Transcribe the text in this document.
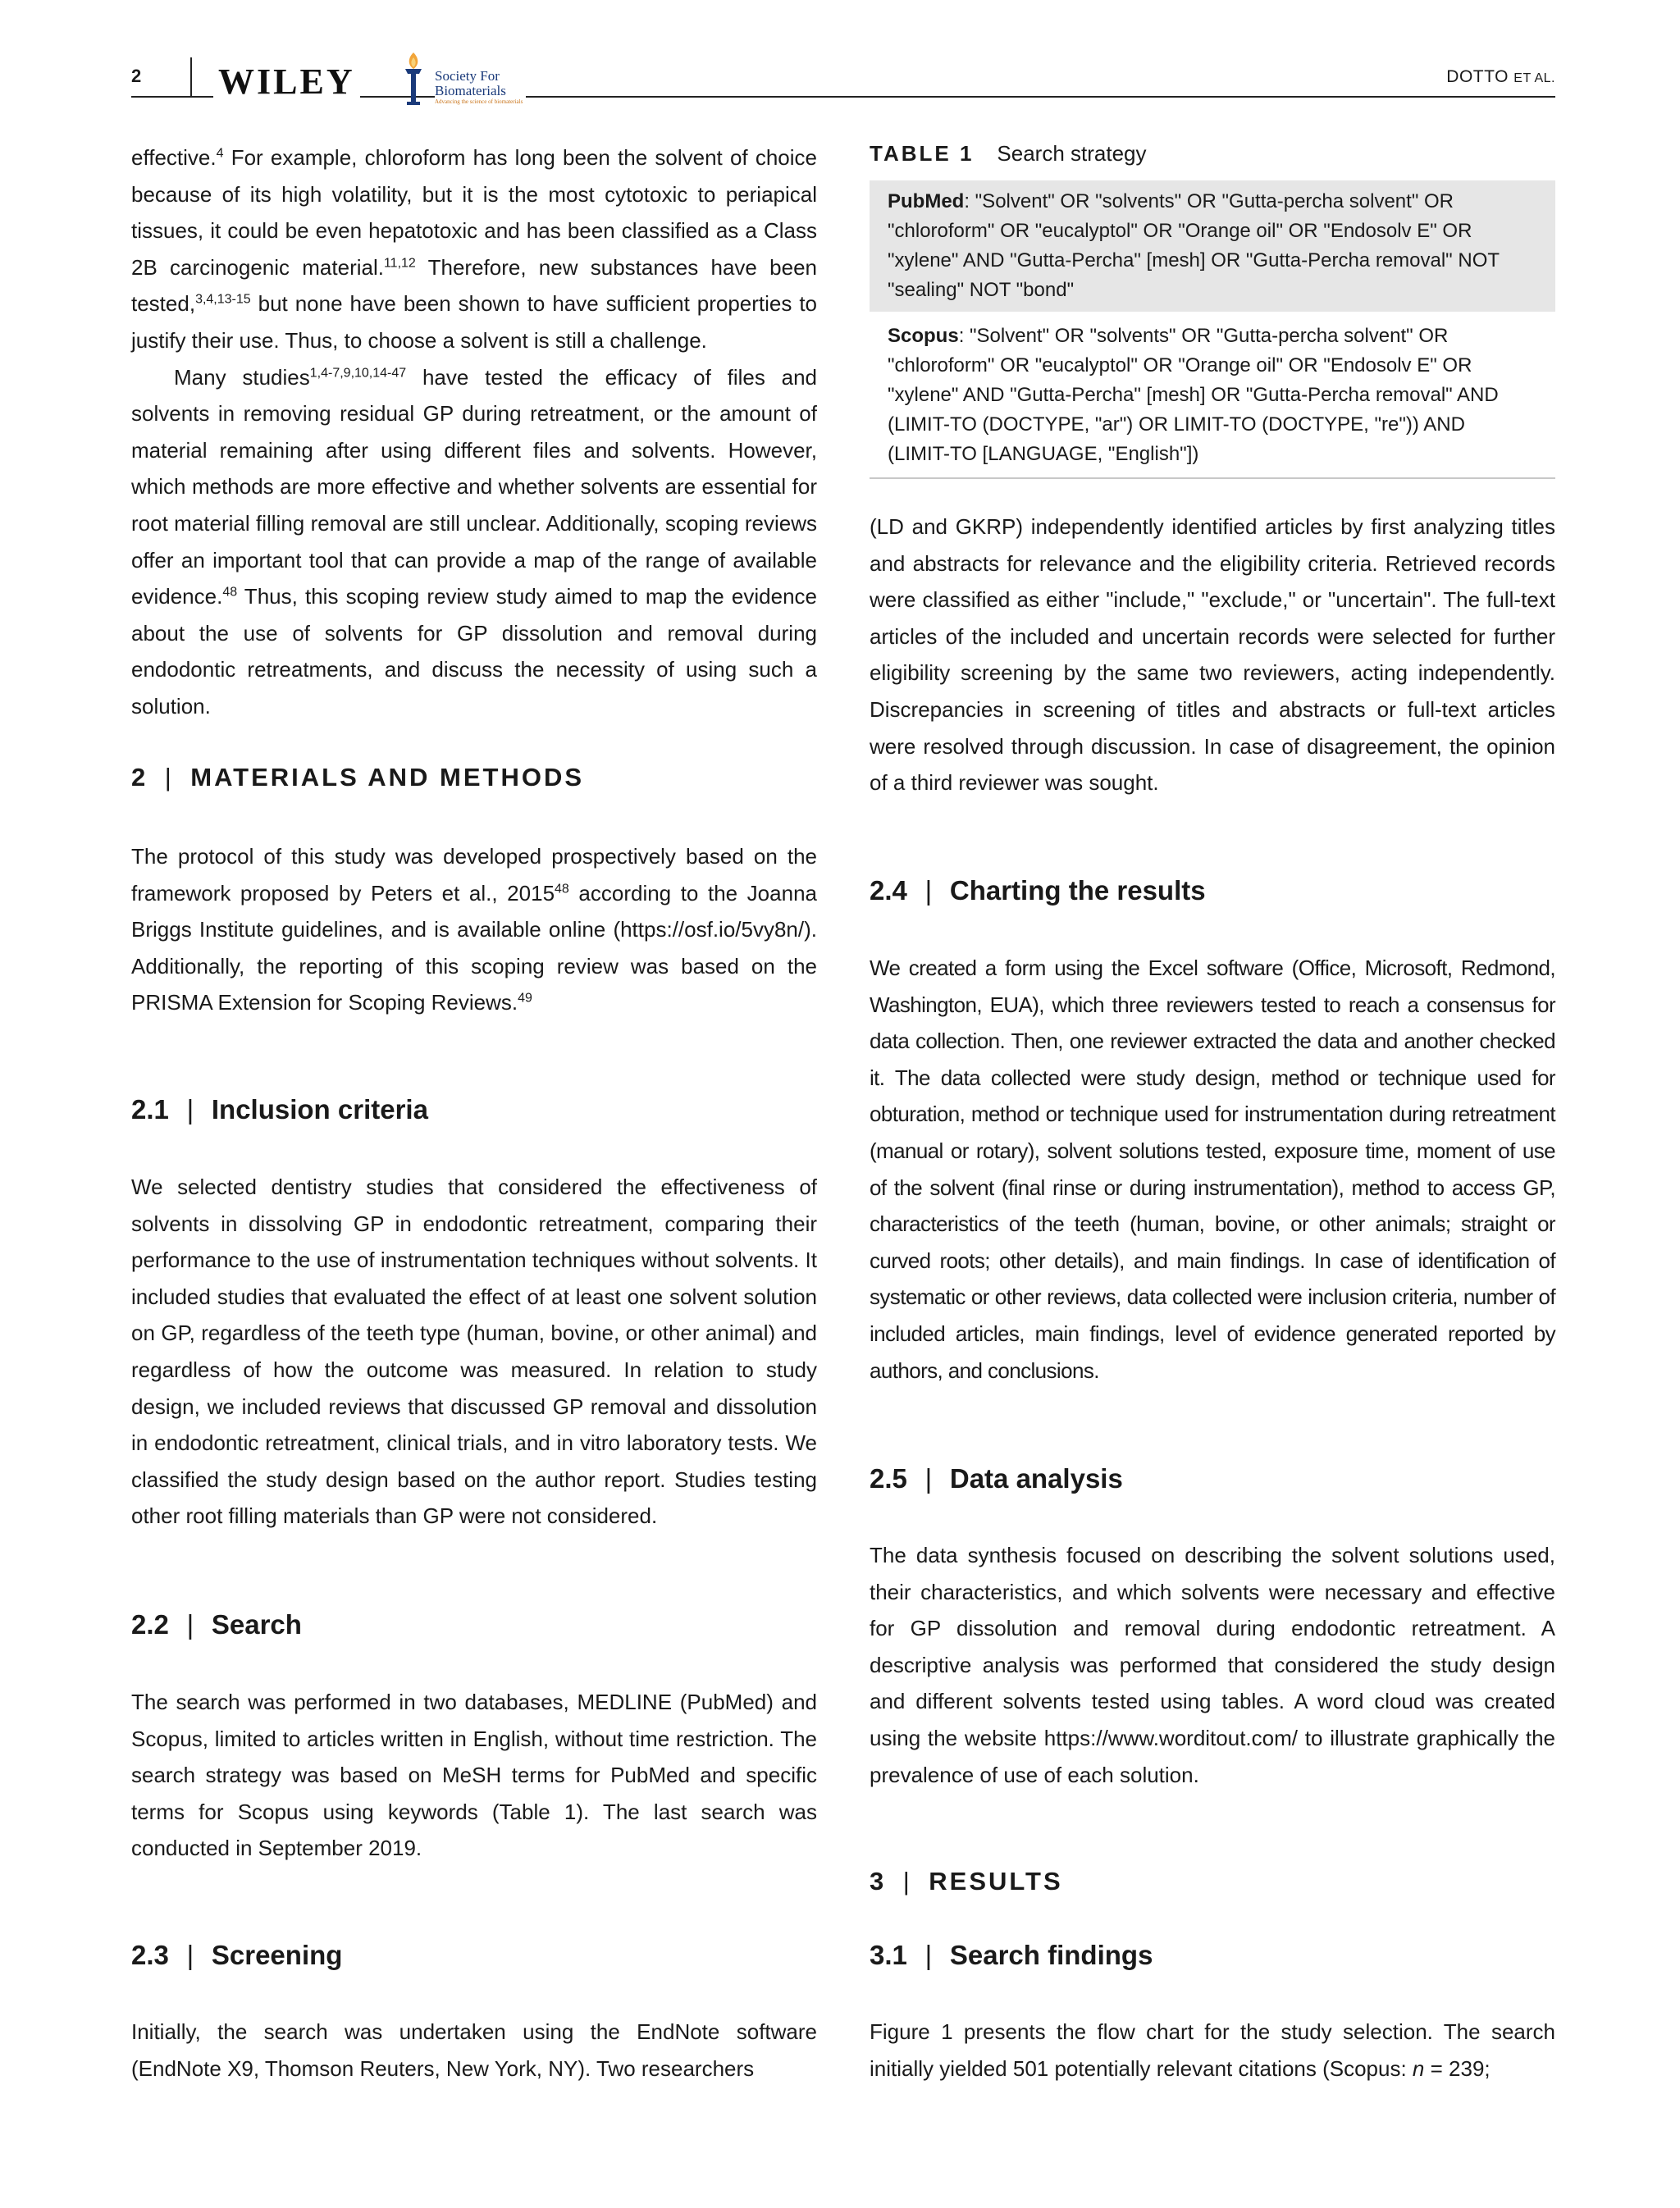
2 WILEY	Society For
Biomaterials
Advancing the science of biomaterials
DOTTO ET AL.

effective.$^4$ For example, chloroform has long been the solvent of choice because of its high volatility, but it is the most cytotoxic to periapical tissues, it could be even hepatotoxic and has been classified as a Class 2B carcinogenic material.$^{11,12}$ Therefore, new substances have been tested,$^{3,4,13-15}$ but none have been shown to have sufficient properties to justify their use. Thus, to choose a solvent is still a challenge.

Many studies$^{1,4-7,9,10,14-47}$ have tested the efficacy of files and solvents in removing residual GP during retreatment, or the amount of material remaining after using different files and solvents. However, which methods are more effective and whether solvents are essential for root material filling removal are still unclear. Additionally, scoping reviews offer an important tool that can provide a map of the range of available evidence.$^{48}$ Thus, this scoping review study aimed to map the evidence about the use of solvents for GP dissolution and removal during endodontic retreatments, and discuss the necessity of using such a solution.

2 | MATERIALS AND METHODS

The protocol of this study was developed prospectively based on the framework proposed by Peters et al., 2015$^{48}$ according to the Joanna Briggs Institute guidelines, and is available online (https://osf.io/5vy8n/). Additionally, the reporting of this scoping review was based on the PRISMA Extension for Scoping Reviews.$^{49}$

2.1 | Inclusion criteria

We selected dentistry studies that considered the effectiveness of solvents in dissolving GP in endodontic retreatment, comparing their performance to the use of instrumentation techniques without solvents. It included studies that evaluated the effect of at least one solvent solution on GP, regardless of the teeth type (human, bovine, or other animal) and regardless of how the outcome was measured. In relation to study design, we included reviews that discussed GP removal and dissolution in endodontic retreatment, clinical trials, and in vitro laboratory tests. We classified the study design based on the author report. Studies testing other root filling materials than GP were not considered.

2.2 | Search

The search was performed in two databases, MEDLINE (PubMed) and Scopus, limited to articles written in English, without time restriction. The search strategy was based on MeSH terms for PubMed and specific terms for Scopus using keywords (Table 1). The last search was conducted in September 2019.

2.3 | Screening

Initially, the search was undertaken using the EndNote software (EndNote X9, Thomson Reuters, New York, NY). Two researchers

TABLE 1 Search strategy
PubMed: "Solvent" OR "solvents" OR "Gutta-percha solvent" OR "chloroform" OR "eucalyptol" OR "Orange oil" OR "Endosolv E" OR "xylene" AND "Gutta-Percha" [mesh] OR "Gutta-Percha removal" NOT "sealing" NOT "bond"
Scopus: "Solvent" OR "solvents" OR "Gutta-percha solvent" OR "chloroform" OR "eucalyptol" OR "Orange oil" OR "Endosolv E" OR "xylene" AND "Gutta-Percha" [mesh] OR "Gutta-Percha removal" AND (LIMIT-TO (DOCTYPE, "ar") OR LIMIT-TO (DOCTYPE, "re")) AND (LIMIT-TO [LANGUAGE, "English"])

(LD and GKRP) independently identified articles by first analyzing titles and abstracts for relevance and the eligibility criteria. Retrieved records were classified as either "include," "exclude," or "uncertain". The full-text articles of the included and uncertain records were selected for further eligibility screening by the same two reviewers, acting independently. Discrepancies in screening of titles and abstracts or full-text articles were resolved through discussion. In case of disagreement, the opinion of a third reviewer was sought.

2.4 | Charting the results

We created a form using the Excel software (Office, Microsoft, Redmond, Washington, EUA), which three reviewers tested to reach a consensus for data collection. Then, one reviewer extracted the data and another checked it. The data collected were study design, method or technique used for obturation, method or technique used for instrumentation during retreatment (manual or rotary), solvent solutions tested, exposure time, moment of use of the solvent (final rinse or during instrumentation), method to access GP, characteristics of the teeth (human, bovine, or other animals; straight or curved roots; other details), and main findings. In case of identification of systematic or other reviews, data collected were inclusion criteria, number of included articles, main findings, level of evidence generated reported by authors, and conclusions.

2.5 | Data analysis

The data synthesis focused on describing the solvent solutions used, their characteristics, and which solvents were necessary and effective for GP dissolution and removal during endodontic retreatment. A descriptive analysis was performed that considered the study design and different solvents tested using tables. A word cloud was created using the website https://www.worditout.com/ to illustrate graphically the prevalence of use of each solution.

3 | RESULTS
3.1 | Search findings

Figure 1 presents the flow chart for the study selection. The search initially yielded 501 potentially relevant citations (Scopus: n = 239;
